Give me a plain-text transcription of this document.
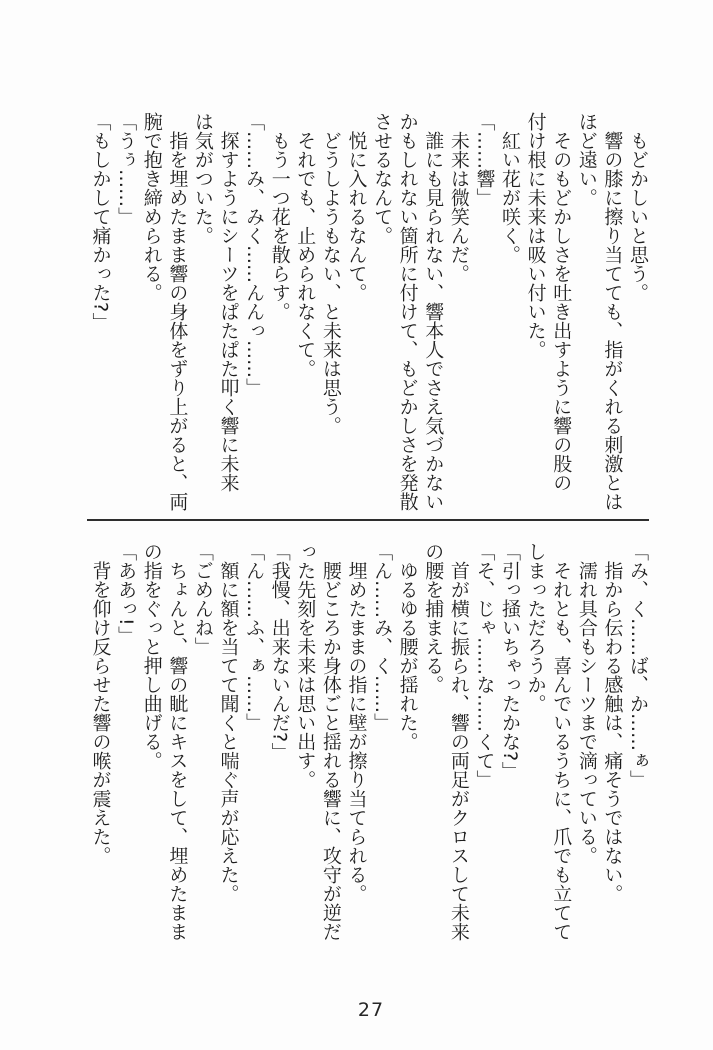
もどかしいと思う。

響の膝に擦り当てても、指がくれる刺激とは

ほど遠い。

そのもどかしさを吐き出すように響の股の

付け根に未来は吸い付いた。

紅い花が咲く。

「……響」

未来は微笑んだ。

誰にも見られない、響本人でさえ気づかない

かもしれない箇所に付けて、もどかしさを発散

させるなんて。

悦に入れるなんて。

どうしようもない、と未来は思う。

それでも、止められなくて。

もう一つ花を散らす。

「……み、みく……んんっ……」

探すようにシーツをぱたぱた叩く響に未来

は気がついた。

指を埋めたまま響の身体をずり上がると、両

腕で抱き締められる。

「うぅ……」

「もしかして痛かった?」

「み、く……ば、か……ぁ」

指から伝わる感触は、痛そうではない。

濡れ具合もシーツまで滴っている。

それとも、喜んでいるうちに、爪でも立てて

しまっただろうか。

「引っ掻いちゃったかな?」

「そ、じゃ……な……くて」

首が横に振られ、響の両足がクロスして未来

の腰を捕まえる。

ゆるゆる腰が揺れた。

「ん……み、く……」

埋めたままの指に壁が擦り当てられる。

腰どころか身体ごと揺れる響に、攻守が逆だ

った先刻を未来は思い出す。

「我慢、出来ないんだ?」

「ん……ふ、ぁ……」

額に額を当てて聞くと喘ぐ声が応えた。

「ごめんね」

ちょんと、響の眦にキスをして、埋めたまま

の指をぐっと押し曲げる。

「ああっ!」

背を仰け反らせた響の喉が震えた。

27
